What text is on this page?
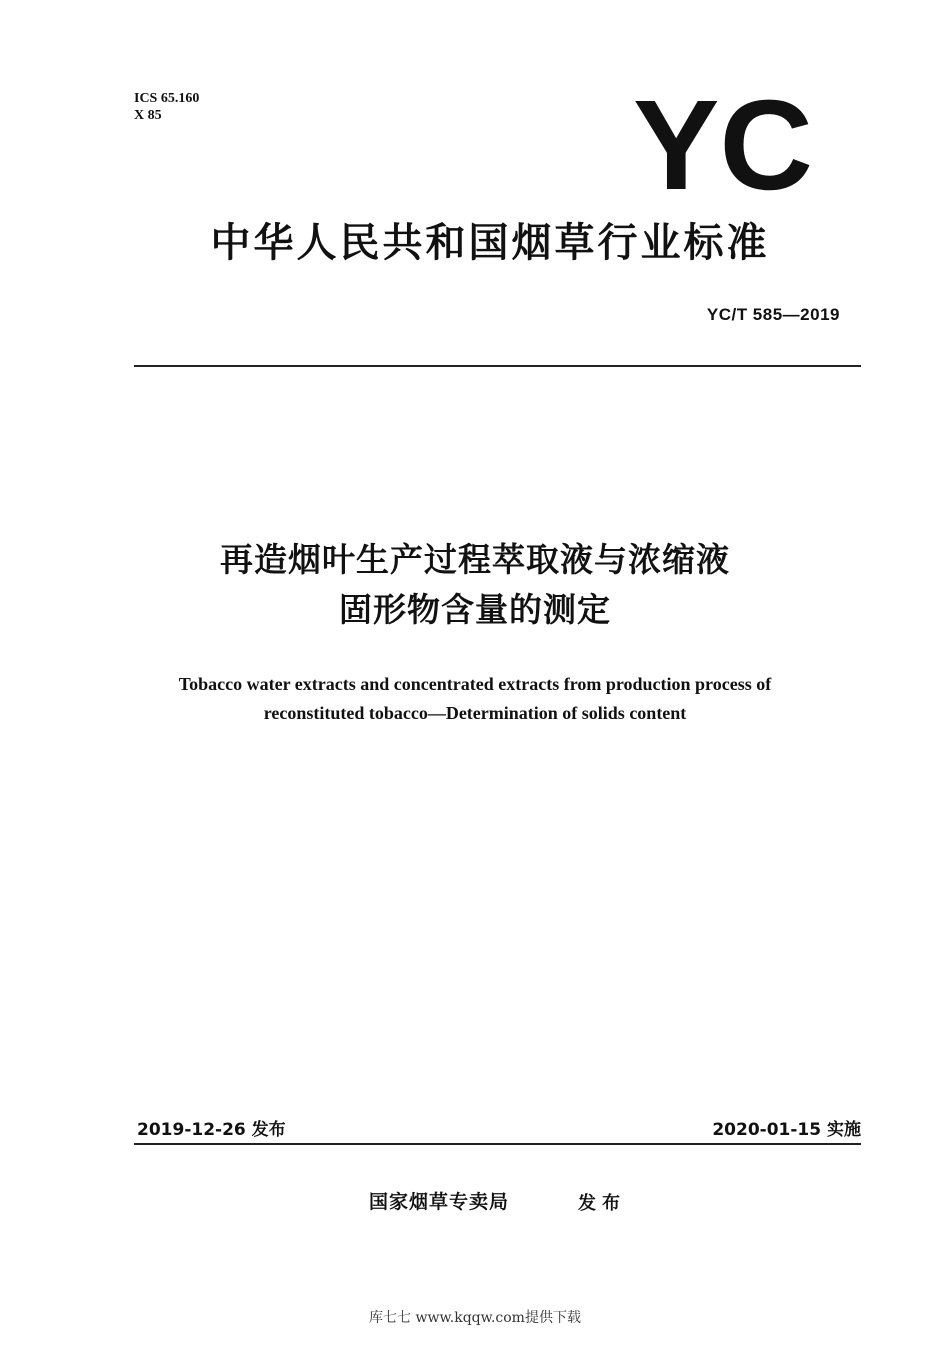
ICS 65.160
X 85	YC
中华人民共和国烟草行业标准
YC/T 585—2019
再造烟叶生产过程萃取液与浓缩液
固形物含量的测定
Tobacco water extracts and concentrated extracts from production process of
reconstituted tobacco—Determination of solids content
2019-12-26 发布	2020-01-15 实施
国家烟草专卖局	发布
库七七 www.kqqw.com提供下载
